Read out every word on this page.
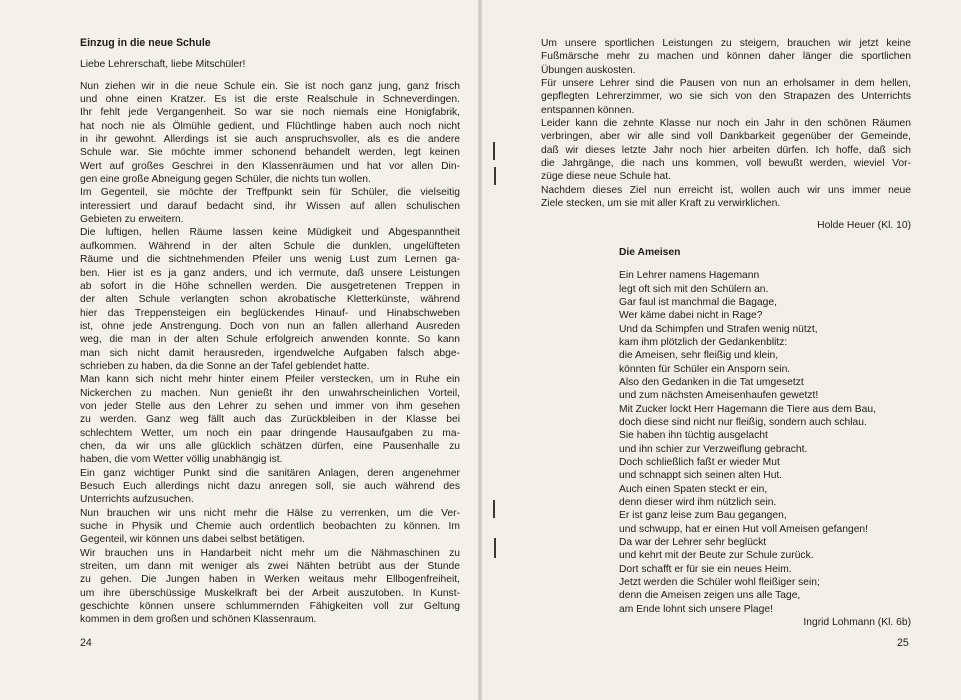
Einzug in die neue Schule
Liebe Lehrerschaft, liebe Mitschüler!
Nun ziehen wir in die neue Schule ein. Sie ist noch ganz jung, ganz frisch
und ohne einen Kratzer. Es ist die erste Realschule in Schneverdingen.
Ihr fehlt jede Vergangenheit. So war sie noch niemals eine Honigfabrik,
hat noch nie als Ölmühle gedient, und Flüchtlinge haben auch noch nicht
in ihr gewohnt. Allerdings ist sie auch anspruchsvoller, als es die andere
Schule war. Sie möchte immer schonend behandelt werden, legt keinen
Wert auf großes Geschrei in den Klassenräumen und hat vor allen Din-
gen eine große Abneigung gegen Schüler, die nichts tun wollen.
Im Gegenteil, sie möchte der Treffpunkt sein für Schüler, die vielseitig
interessiert und darauf bedacht sind, ihr Wissen auf allen schulischen
Gebieten zu erweitern.
Die luftigen, hellen Räume lassen keine Müdigkeit und Abgespanntheit
aufkommen. Während in der alten Schule die dunklen, ungelüfteten
Räume und die sichtnehmenden Pfeiler uns wenig Lust zum Lernen ga-
ben. Hier ist es ja ganz anders, und ich vermute, daß unsere Leistungen
ab sofort in die Höhe schnellen werden. Die ausgetretenen Treppen in
der alten Schule verlangten schon akrobatische Kletterkünste, während
hier das Treppensteigen ein beglückendes Hinauf- und Hinabschweben
ist, ohne jede Anstrengung. Doch von nun an fallen allerhand Ausreden
weg, die man in der alten Schule erfolgreich anwenden konnte. So kann
man sich nicht damit herausreden, irgendwelche Aufgaben falsch abge-
schrieben zu haben, da die Sonne an der Tafel geblendet hatte.
Man kann sich nicht mehr hinter einem Pfeiler verstecken, um in Ruhe ein
Nickerchen zu machen. Nun genießt ihr den unwahrscheinlichen Vorteil,
von jeder Stelle aus den Lehrer zu sehen und immer von ihm gesehen
zu werden. Ganz weg fällt auch das Zurückbleiben in der Klasse bei
schlechtem Wetter, um noch ein paar dringende Hausaufgaben zu ma-
chen, da wir uns alle glücklich schätzen dürfen, eine Pausenhalle zu
haben, die vom Wetter völlig unabhängig ist.
Ein ganz wichtiger Punkt sind die sanitären Anlagen, deren angenehmer
Besuch Euch allerdings nicht dazu anregen soll, sie auch während des
Unterrichts aufzusuchen.
Nun brauchen wir uns nicht mehr die Hälse zu verrenken, um die Ver-
suche in Physik und Chemie auch ordentlich beobachten zu können. Im
Gegenteil, wir können uns dabei selbst betätigen.
Wir brauchen uns in Handarbeit nicht mehr um die Nähmaschinen zu
streiten, um dann mit weniger als zwei Nähten betrübt aus der Stunde
zu gehen. Die Jungen haben in Werken weitaus mehr Ellbogenfreiheit,
um ihre überschüssige Muskelkraft bei der Arbeit auszutoben. In Kunst-
geschichte können unsere schlummernden Fähigkeiten voll zur Geltung
kommen in dem großen und schönen Klassenraum.
24
Um unsere sportlichen Leistungen zu steigern, brauchen wir jetzt keine
Fußmärsche mehr zu machen und können daher länger die sportlichen
Übungen auskosten.
Für unsere Lehrer sind die Pausen von nun an erholsamer in dem hellen,
gepflegten Lehrerzimmer, wo sie sich von den Strapazen des Unterrichts
entspannen können.
Leider kann die zehnte Klasse nur noch ein Jahr in den schönen Räumen
verbringen, aber wir alle sind voll Dankbarkeit gegenüber der Gemeinde,
daß wir dieses letzte Jahr noch hier arbeiten dürfen. Ich hoffe, daß sich
die Jahrgänge, die nach uns kommen, voll bewußt werden, wieviel Vor-
züge diese neue Schule hat.
Nachdem dieses Ziel nun erreicht ist, wollen auch wir uns immer neue
Ziele stecken, um sie mit aller Kraft zu verwirklichen.
Holde Heuer (Kl. 10)
Die Ameisen
Ein Lehrer namens Hagemann
legt oft sich mit den Schülern an.
Gar faul ist manchmal die Bagage,
Wer käme dabei nicht in Rage?
Und da Schimpfen und Strafen wenig nützt,
kam ihm plötzlich der Gedankenblitz:
die Ameisen, sehr fleißig und klein,
könnten für Schüler ein Ansporn sein.
Also den Gedanken in die Tat umgesetzt
und zum nächsten Ameisenhaufen gewetzt!
Mit Zucker lockt Herr Hagemann die Tiere aus dem Bau,
doch diese sind nicht nur fleißig, sondern auch schlau.
Sie haben ihn tüchtig ausgelacht
und ihn schier zur Verzweiflung gebracht.
Doch schließlich faßt er wieder Mut
und schnappt sich seinen alten Hut.
Auch einen Spaten steckt er ein,
denn dieser wird ihm nützlich sein.
Er ist ganz leise zum Bau gegangen,
und schwupp, hat er einen Hut voll Ameisen gefangen!
Da war der Lehrer sehr beglückt
und kehrt mit der Beute zur Schule zurück.
Dort schafft er für sie ein neues Heim.
Jetzt werden die Schüler wohl fleißiger sein;
denn die Ameisen zeigen uns alle Tage,
am Ende lohnt sich unsere Plage!
Ingrid Lohmann (Kl. 6b)
25
